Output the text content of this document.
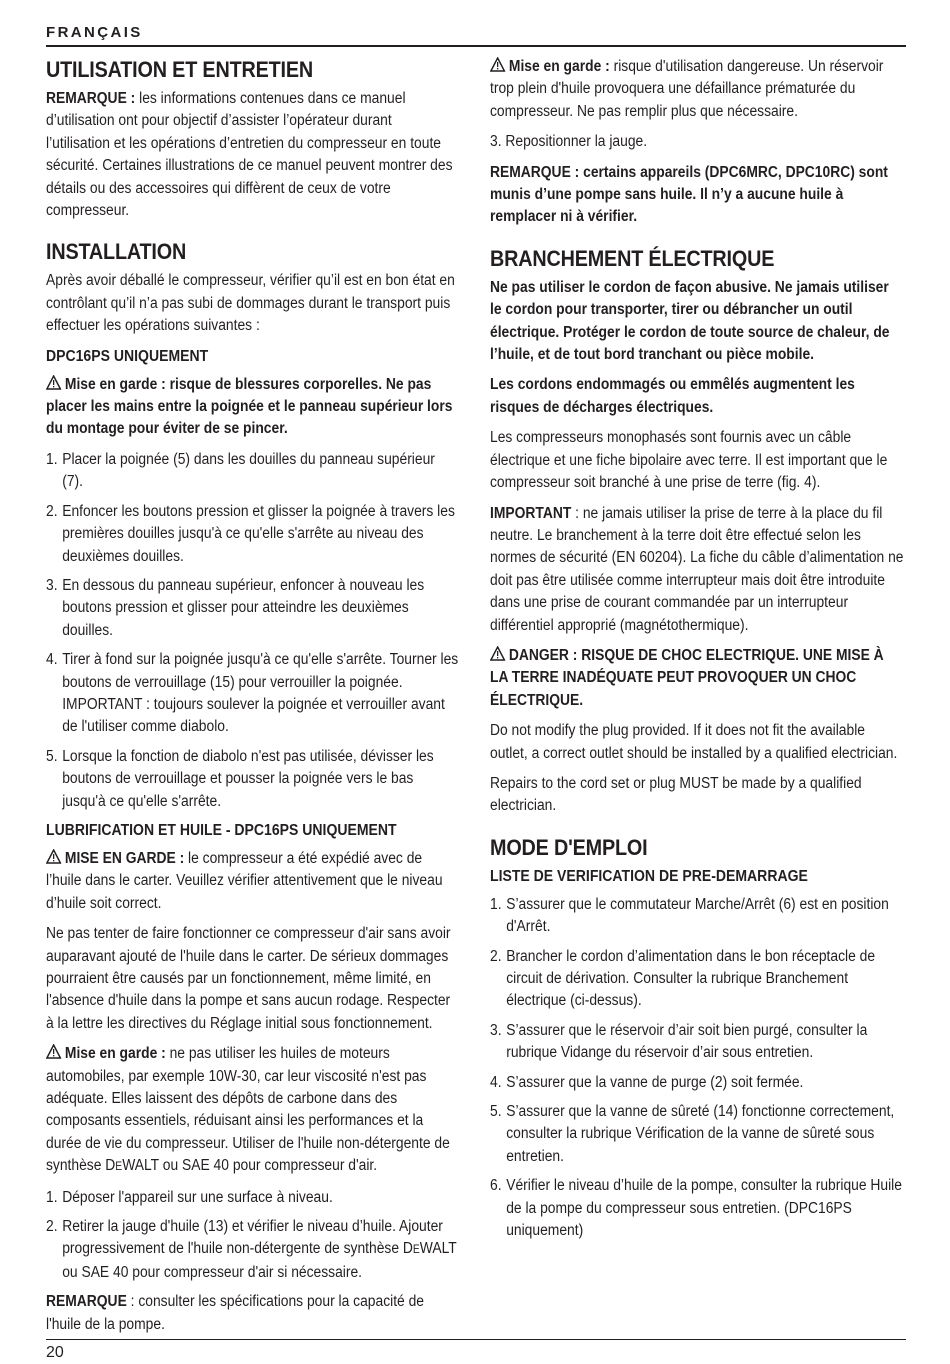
FRANÇAIS
UTILISATION ET ENTRETIEN

REMARQUE : les informations contenues dans ce manuel d’utilisation ont pour objectif d’assister l’opérateur durant l’utilisation et les opérations d’entretien du compresseur en toute sécurité. Certaines illustrations de ce manuel peuvent montrer des détails ou des accessoires qui diffèrent de ceux de votre compresseur.

INSTALLATION

Après avoir déballé le compresseur, vérifier qu’il est en bon état en contrôlant qu’il n’a pas subi de dommages durant le transport puis effectuer les opérations suivantes :

DPC16PS UNIQUEMENT

Mise en garde : risque de blessures corporelles. Ne pas placer les mains entre la poignée et le panneau supérieur lors du montage pour éviter de se pincer.

1. Placer la poignée (5) dans les douilles du panneau supérieur (7).
2. Enfoncer les boutons pression et glisser la poignée à travers les premières douilles jusqu'à ce qu'elle s'arrête au niveau des deuxièmes douilles.
3. En dessous du panneau supérieur, enfoncer à nouveau les boutons pression et glisser pour atteindre les deuxièmes douilles.
4. Tirer à fond sur la poignée jusqu'à ce qu'elle s'arrête. Tourner les boutons de verrouillage (15) pour verrouiller la poignée. IMPORTANT : toujours soulever la poignée et verrouiller avant de l'utiliser comme diabolo.
5. Lorsque la fonction de diabolo n'est pas utilisée, dévisser les boutons de verrouillage et pousser la poignée vers le bas jusqu'à ce qu'elle s'arrête.
LUBRIFICATION ET HUILE - DPC16PS UNIQUEMENT

MISE EN GARDE : le compresseur a été expédié avec de l’huile dans le carter. Veuillez vérifier attentivement que le niveau d’huile soit correct.

Ne pas tenter de faire fonctionner ce compresseur d'air sans avoir auparavant ajouté de l'huile dans le carter. De sérieux dommages pourraient être causés par un fonctionnement, même limité, en l'absence d'huile dans la pompe et sans aucun rodage. Respecter à la lettre les directives du Réglage initial sous fonctionnement.

Mise en garde : ne pas utiliser les huiles de moteurs automobiles, par exemple 10W-30, car leur viscosité n'est pas adéquate. Elles laissent des dépôts de carbone dans des composants essentiels, réduisant ainsi les performances et la durée de vie du compresseur. Utiliser de l'huile non-détergente de synthèse DEWALT ou SAE 40 pour compresseur d'air.

1. Déposer l'appareil sur une surface à niveau.
2. Retirer la jauge d'huile (13) et vérifier le niveau d’huile. Ajouter progressivement de l'huile non-détergente de synthèse DEWALT ou SAE 40 pour compresseur d'air si nécessaire.

REMARQUE : consulter les spécifications pour la capacité de l'huile de la pompe.

Mise en garde : risque d'utilisation dangereuse. Un réservoir trop plein d'huile provoquera une défaillance prématurée du compresseur. Ne pas remplir plus que nécessaire.

3. Repositionner la jauge.

REMARQUE : certains appareils (DPC6MRC, DPC10RC) sont munis d’une pompe sans huile. Il n’y a aucune huile à remplacer ni à vérifier.

BRANCHEMENT ÉLECTRIQUE

Ne pas utiliser le cordon de façon abusive. Ne jamais utiliser le cordon pour transporter, tirer ou débrancher un outil électrique. Protéger le cordon de toute source de chaleur, de l’huile, et de tout bord tranchant ou pièce mobile.

Les cordons endommagés ou emmêlés augmentent les risques de décharges électriques.

Les compresseurs monophasés sont fournis avec un câble électrique et une fiche bipolaire avec terre. Il est important que le compresseur soit branché à une prise de terre (fig. 4).

IMPORTANT : ne jamais utiliser la prise de terre à la place du fil neutre. Le branchement à la terre doit être effectué selon les normes de sécurité (EN 60204). La fiche du câble d’alimentation ne doit pas être utilisée comme interrupteur mais doit être introduite dans une prise de courant commandée par un interrupteur différentiel approprié (magnétothermique).

DANGER : RISQUE DE CHOC ELECTRIQUE. UNE MISE À LA TERRE INADÉQUATE PEUT PROVOQUER UN CHOC ÉLECTRIQUE.

Do not modify the plug provided. If it does not fit the available outlet, a correct outlet should be installed by a qualified electrician.

Repairs to the cord set or plug MUST be made by a qualified electrician.

MODE D'EMPLOI
LISTE DE VERIFICATION DE PRE-DEMARRAGE
1. S’assurer que le commutateur Marche/Arrêt (6) est en position d'Arrêt.
2. Brancher le cordon d’alimentation dans le bon réceptacle de circuit de dérivation. Consulter la rubrique Branchement électrique (ci-dessus).
3. S’assurer que le réservoir d’air soit bien purgé, consulter la rubrique Vidange du réservoir d’air sous entretien.
4. S’assurer que la vanne de purge (2) soit fermée.
5. S’assurer que la vanne de sûreté (14) fonctionne correctement, consulter la rubrique Vérification de la vanne de sûreté sous entretien.
6. Vérifier le niveau d’huile de la pompe, consulter la rubrique Huile de la pompe du compresseur sous entretien. (DPC16PS uniquement)
20
